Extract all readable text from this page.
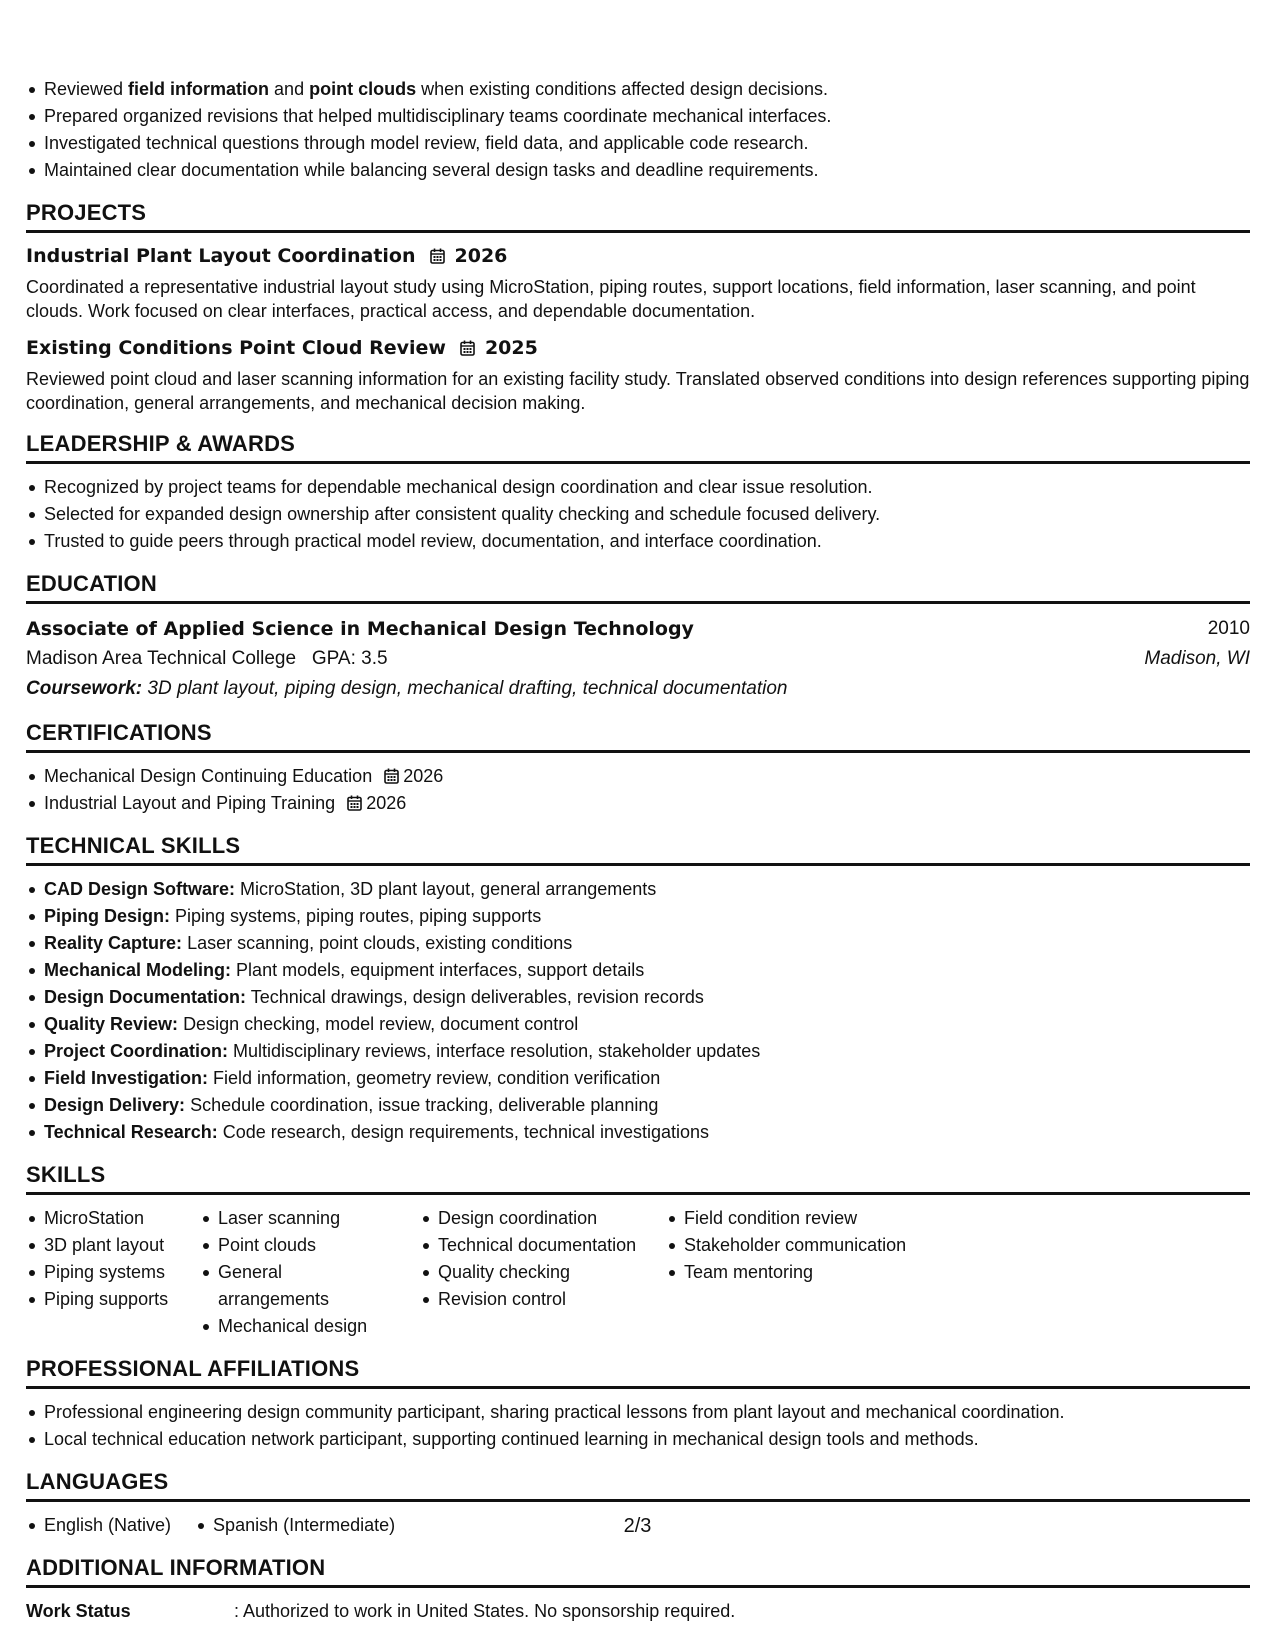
Reviewed field information and point clouds when existing conditions affected design decisions.
Prepared organized revisions that helped multidisciplinary teams coordinate mechanical interfaces.
Investigated technical questions through model review, field data, and applicable code research.
Maintained clear documentation while balancing several design tasks and deadline requirements.
PROJECTS
Industrial Plant Layout Coordination 2026
Coordinated a representative industrial layout study using MicroStation, piping routes, support locations, field information, laser scanning, and point clouds. Work focused on clear interfaces, practical access, and dependable documentation.
Existing Conditions Point Cloud Review 2025
Reviewed point cloud and laser scanning information for an existing facility study. Translated observed conditions into design references supporting piping coordination, general arrangements, and mechanical decision making.
LEADERSHIP & AWARDS
Recognized by project teams for dependable mechanical design coordination and clear issue resolution.
Selected for expanded design ownership after consistent quality checking and schedule focused delivery.
Trusted to guide peers through practical model review, documentation, and interface coordination.
EDUCATION
Associate of Applied Science in Mechanical Design Technology	2010
Madison Area Technical College GPA: 3.5	Madison, WI
Coursework:
3D plant layout, piping design, mechanical drafting, technical documentation
CERTIFICATIONS
Mechanical Design Continuing Education 2026
Industrial Layout and Piping Training 2026
TECHNICAL SKILLS
CAD Design Software: MicroStation, 3D plant layout, general arrangements
Piping Design: Piping systems, piping routes, piping supports
Reality Capture: Laser scanning, point clouds, existing conditions
Mechanical Modeling: Plant models, equipment interfaces, support details
Design Documentation: Technical drawings, design deliverables, revision records
Quality Review: Design checking, model review, document control
Project Coordination: Multidisciplinary reviews, interface resolution, stakeholder updates
Field Investigation: Field information, geometry review, condition verification
Design Delivery: Schedule coordination, issue tracking, deliverable planning
Technical Research: Code research, design requirements, technical investigations
SKILLS
MicroStation
3D plant layout
Piping systems
Piping supports
Laser scanning
Point clouds
General arrangements
Mechanical design
Design coordination
Technical documentation
Quality checking
Revision control
Field condition review
Stakeholder communication
Team mentoring
PROFESSIONAL AFFILIATIONS
Professional engineering design community participant, sharing practical lessons from plant layout and mechanical coordination.
Local technical education network participant, supporting continued learning in mechanical design tools and methods.
LANGUAGES
English (Native)	Spanish (Intermediate)
ADDITIONAL INFORMATION
Work Status	: Authorized to work in United States. No sponsorship required.
2/3
